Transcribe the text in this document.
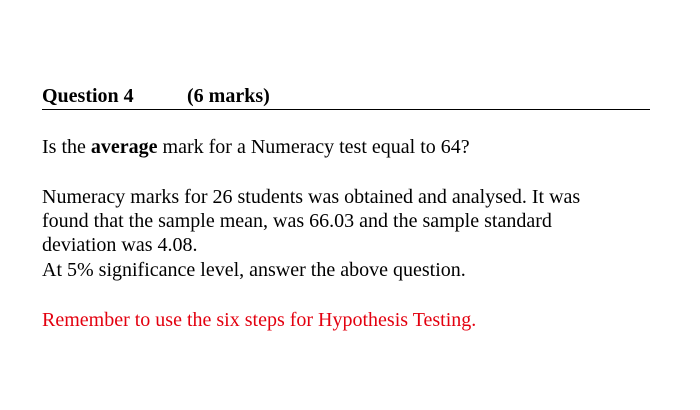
Question 4	(6 marks)
Is the average mark for a Numeracy test equal to 64?
Numeracy marks for 26 students was obtained and analysed. It was
found that the sample mean, was 66.03 and the sample standard
deviation was 4.08.
At 5% significance level, answer the above question.
Remember to use the six steps for Hypothesis Testing.
